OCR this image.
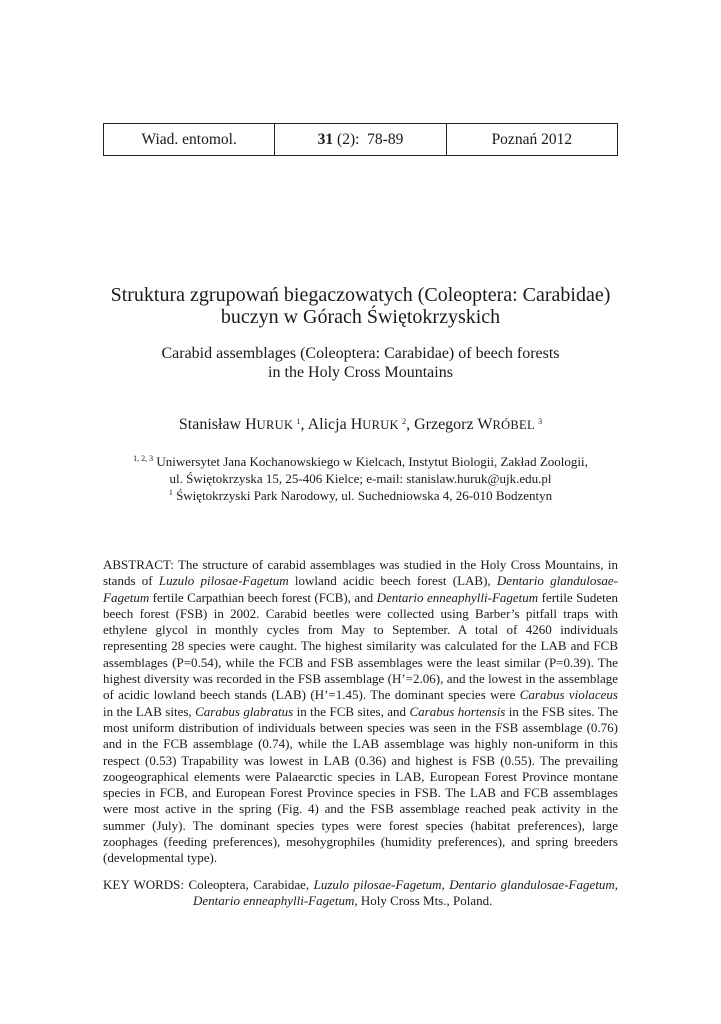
Wiad. entomol.	31 (2):  78-89	Poznań 2012
Struktura zgrupowań biegaczowatych (Coleoptera: Carabidae)
buczyn w Górach Świętokrzyskich
Carabid assemblages (Coleoptera: Carabidae) of beech forests
in the Holy Cross Mountains
Stanisław HURUK  $^1$, Alicja HURUK  $^2$, Grzegorz WRÓBEL  $^3$
$^{1, 2, 3}$ Uniwersytet Jana Kochanowskiego w Kielcach, Instytut Biologii, Zakład Zoologii,
ul. Świętokrzyska 15, 25-406 Kielce; e-mail: stanislaw.huruk@ujk.edu.pl
$^1$ Świętokrzyski Park Narodowy, ul. Suchedniowska 4, 26-010 Bodzentyn

ABSTRACT: The structure of carabid assemblages was studied in the Holy Cross Mountains, in stands of Luzulo pilosae-Fagetum lowland acidic beech forest (LAB), Dentario glandulosae-Fagetum fertile Carpathian beech forest (FCB), and Dentario enneaphylli-Fagetum fertile Sudeten beech forest (FSB) in 2002. Carabid beetles were collected using Barber’s pitfall traps with ethylene glycol in monthly cycles from May to September. A total of 4260 individuals representing 28 species were caught. The highest similarity was calculated for the LAB and FCB assemblages (P=0.54), while the FCB and FSB assemblages were the least similar (P=0.39). The highest diversity was recorded in the FSB assemblage (H’=2.06), and the lowest in the assemblage of acidic lowland beech stands (LAB) (H’=1.45). The dominant species were Carabus violaceus in the LAB sites, Carabus glabratus in the FCB sites, and Carabus hortensis in the FSB sites. The most uniform distribution of individuals between species was seen in the FSB assemblage (0.76) and in the FCB assemblage (0.74), while the LAB assemblage was highly non-uniform in this respect (0.53) Trapability was lowest in LAB (0.36) and highest is FSB (0.55). The prevailing zoogeographical elements were Palaearctic species in LAB, European Forest Province montane species in FCB, and European Forest Province species in FSB. The LAB and FCB assemblages were most active in the spring (Fig. 4) and the FSB assemblage reached peak activity in the summer (July). The dominant species types were forest species (habitat preferences), large zoophages (feeding preferences), mesohygrophiles (humidity preferences), and spring breeders (developmental type).

KEY WORDS: Coleoptera, Carabidae, Luzulo pilosae-Fagetum, Dentario glandulosae-Fagetum, Dentario enneaphylli-Fagetum, Holy Cross Mts., Poland.
